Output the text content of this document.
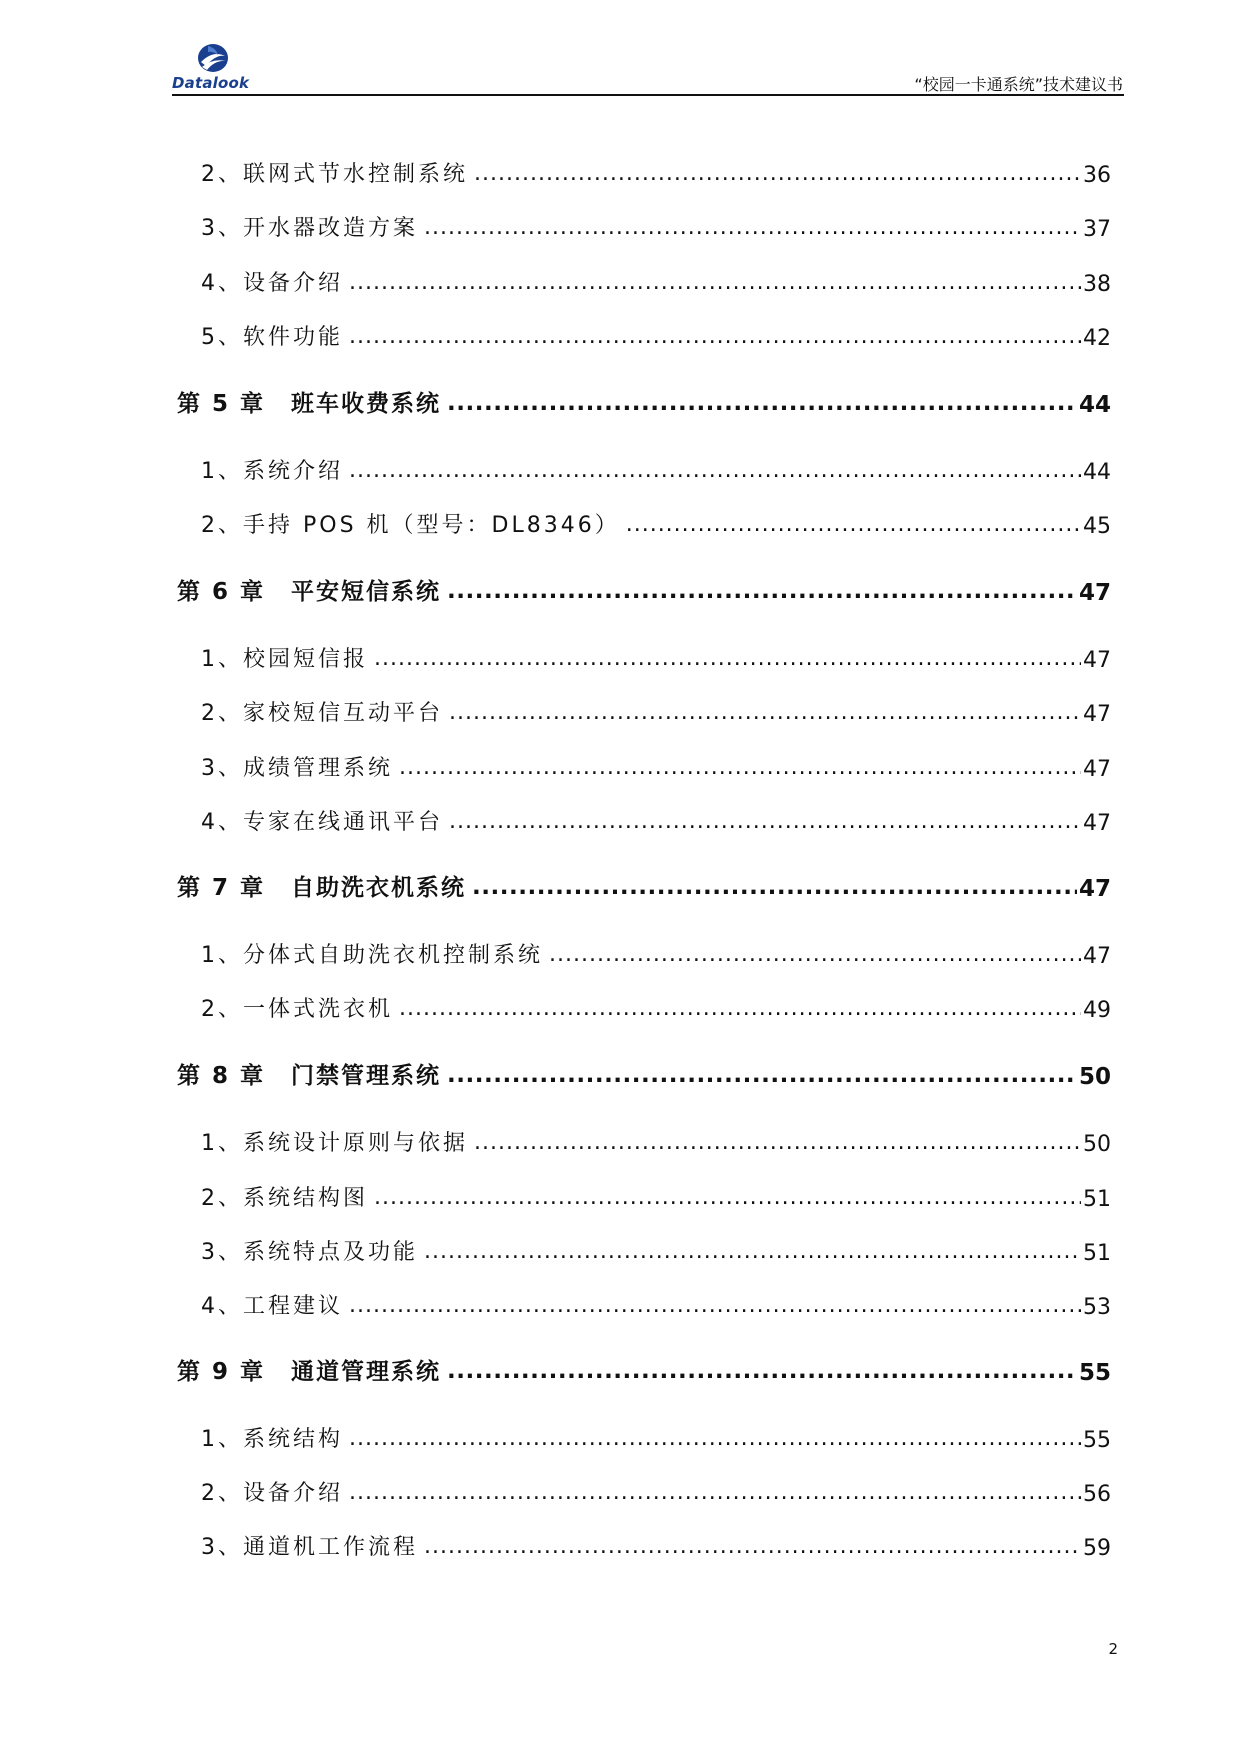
Datalook	“校园一卡通系统”技术建议书
2、联网式节水控制系统 .....	36
3、开水器改造方案 .....	37
4、设备介绍 .....	38
5、软件功能 .....	42
第 5 章 班车收费系统 .....	44
1、系统介绍 .....	44
2、手持 POS 机（型号：DL8346） .....	45
第 6 章 平安短信系统 .....	47
1、校园短信报 .....	47
2、家校短信互动平台 .....	47
3、成绩管理系统 .....	47
4、专家在线通讯平台 .....	47
第 7 章 自助洗衣机系统 .....	47
1、分体式自助洗衣机控制系统 .....	47
2、一体式洗衣机 .....	49
第 8 章 门禁管理系统 .....	50
1、系统设计原则与依据 .....	50
2、系统结构图 .....	51
3、系统特点及功能 .....	51
4、工程建议 .....	53
第 9 章 通道管理系统 .....	55
1、系统结构 .....	55
2、设备介绍 .....	56
3、通道机工作流程 .....	59
2
